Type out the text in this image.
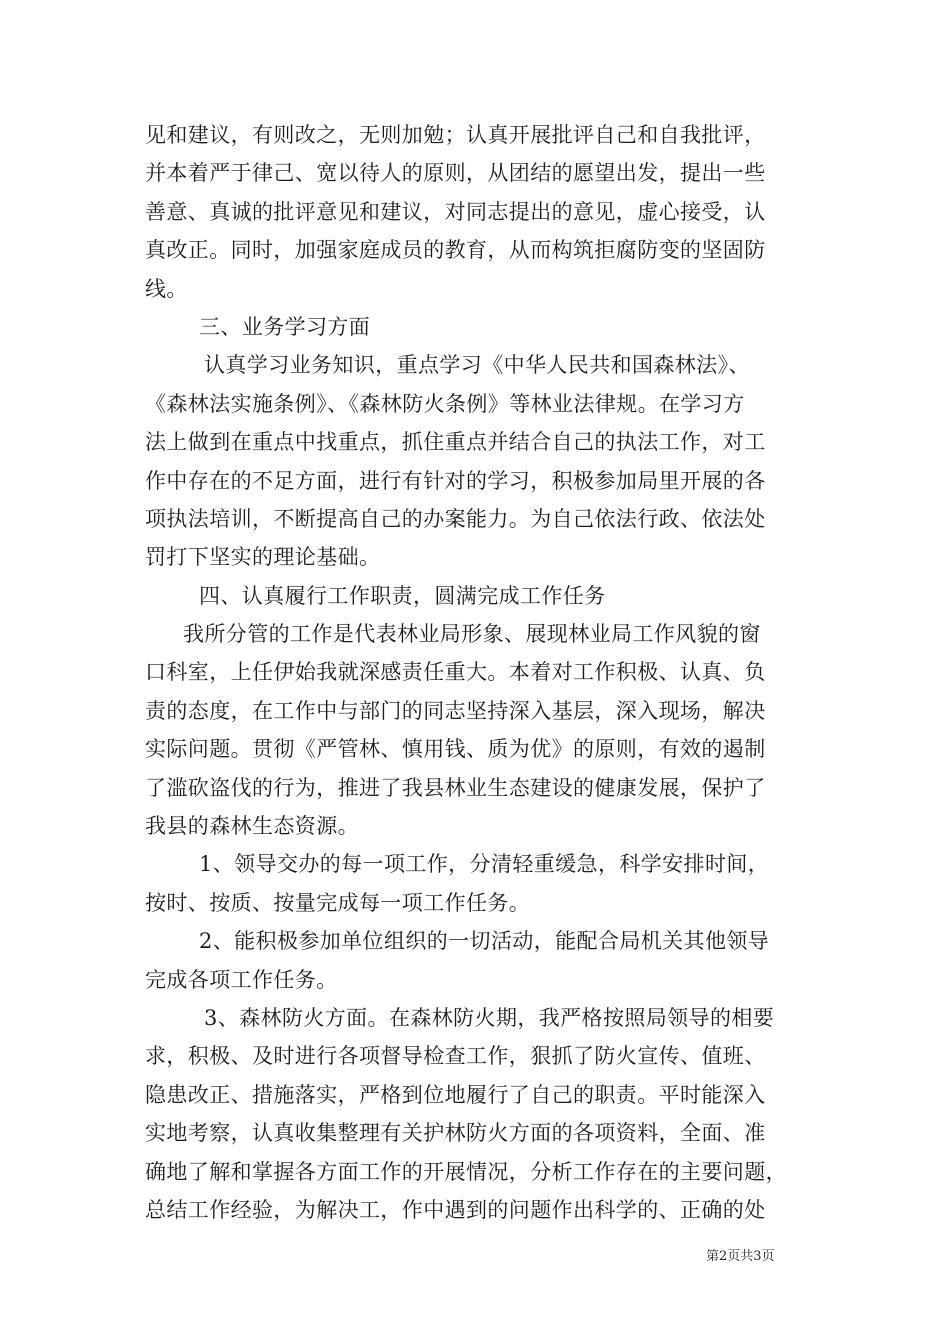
见和建议，有则改之，无则加勉；认真开展批评自己和自我批评，
并本着严于律己、宽以待人的原则，从团结的愿望出发，提出一些
善意、真诚的批评意见和建议，对同志提出的意见，虚心接受，认
真改正。同时，加强家庭成员的教育，从而构筑拒腐防变的坚固防
线。
三、业务学习方面
认真学习业务知识，重点学习《中华人民共和国森林法》、
《森林法实施条例》、《森林防火条例》等林业法律规。在学习方
法上做到在重点中找重点，抓住重点并结合自己的执法工作，对工
作中存在的不足方面，进行有针对的学习，积极参加局里开展的各
项执法培训，不断提高自己的办案能力。为自己依法行政、依法处
罚打下坚实的理论基础。
四、认真履行工作职责，圆满完成工作任务
我所分管的工作是代表林业局形象、展现林业局工作风貌的窗
口科室，上任伊始我就深感责任重大。本着对工作积极、认真、负
责的态度，在工作中与部门的同志坚持深入基层，深入现场，解决
实际问题。贯彻《严管林、慎用钱、质为优》的原则，有效的遏制
了滥砍盗伐的行为，推进了我县林业生态建设的健康发展，保护了
我县的森林生态资源。
1、领导交办的每一项工作，分清轻重缓急，科学安排时间，
按时、按质、按量完成每一项工作任务。
2、能积极参加单位组织的一切活动，能配合局机关其他领导
完成各项工作任务。
3、森林防火方面。在森林防火期，我严格按照局领导的相要
求，积极、及时进行各项督导检查工作，狠抓了防火宣传、值班、
隐患改正、措施落实，严格到位地履行了自己的职责。平时能深入
实地考察，认真收集整理有关护林防火方面的各项资料，全面、准
确地了解和掌握各方面工作的开展情况，分析工作存在的主要问题，
总结工作经验，为解决工，作中遇到的问题作出科学的、正确的处
第2页共3页
